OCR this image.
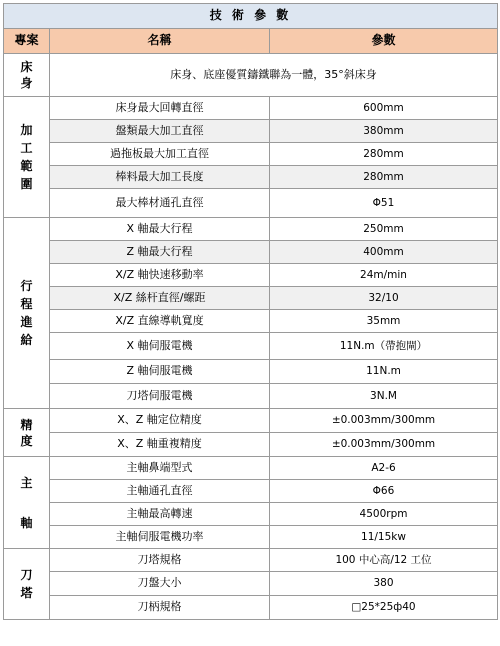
技 術 參 數		
專案	名稱	參數

床身	床身、底座優質鑄鐵聯為一體，35°斜床身	

加工範圍	床身最大回轉直徑	600mm
	盤類最大加工直徑	380mm
	過拖板最大加工直徑	280mm
	棒料最大加工長度	280mm
	最大棒材通孔直徑	Φ51

行程進給	X 軸最大行程	250mm
	Z 軸最大行程	400mm
	X/Z 軸快速移動率	24m/min
	X/Z 絲杆直徑/螺距	32/10
	X/Z 直線導軌寬度	35mm
	X 軸伺服電機	11N.m（帶抱閘）
	Z 軸伺服電機	11N.m
	刀塔伺服電機	3N.M

精度	X、Z 軸定位精度	±0.003mm/300mm
	X、Z 軸重複精度	±0.003mm/300mm

主軸	主軸鼻端型式	A2-6
	主軸通孔直徑	Φ66
	主軸最高轉速	4500rpm
	主軸伺服電機功率	11/15kw

刀塔	刀塔規格	100 中心高/12 工位
	刀盤大小	380
	刀柄規格	□25*25ф40
